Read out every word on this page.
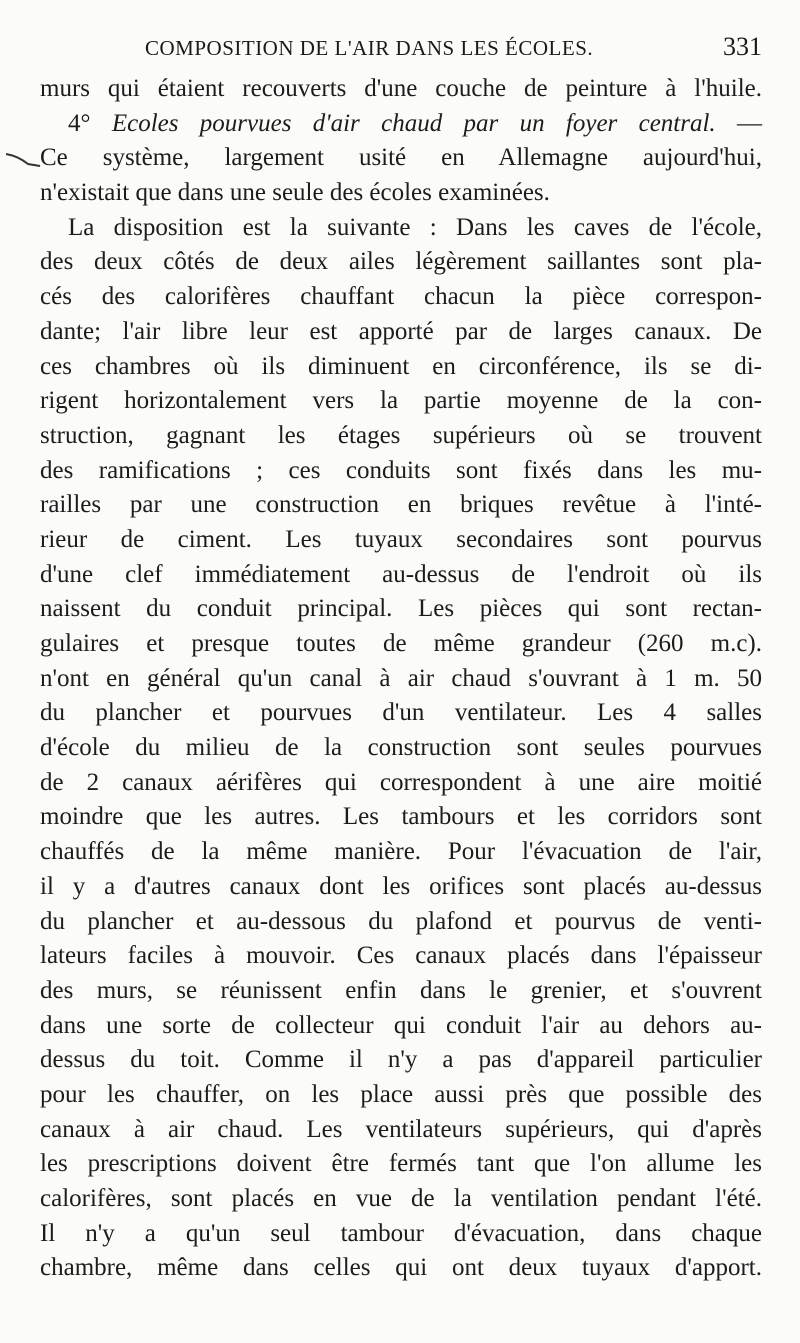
COMPOSITION DE L'AIR DANS LES ÉCOLES.	331
murs qui étaient recouverts d'une couche de peinture à l'huile.
4° Ecoles pourvues d'air chaud par un foyer central. —
Ce système, largement usité en Allemagne aujourd'hui,
n'existait que dans une seule des écoles examinées.
La disposition est la suivante : Dans les caves de l'école,
des deux côtés de deux ailes légèrement saillantes sont pla-
cés des calorifères chauffant chacun la pièce correspon-
dante; l'air libre leur est apporté par de larges canaux. De
ces chambres où ils diminuent en circonférence, ils se di-
rigent horizontalement vers la partie moyenne de la con-
struction, gagnant les étages supérieurs où se trouvent
des ramifications ; ces conduits sont fixés dans les mu-
railles par une construction en briques revêtue à l'inté-
rieur de ciment. Les tuyaux secondaires sont pourvus
d'une clef immédiatement au-dessus de l'endroit où ils
naissent du conduit principal. Les pièces qui sont rectan-
gulaires et presque toutes de même grandeur (260 m.c).
n'ont en général qu'un canal à air chaud s'ouvrant à 1 m. 50
du plancher et pourvues d'un ventilateur. Les 4 salles
d'école du milieu de la construction sont seules pourvues
de 2 canaux aérifères qui correspondent à une aire moitié
moindre que les autres. Les tambours et les corridors sont
chauffés de la même manière. Pour l'évacuation de l'air,
il y a d'autres canaux dont les orifices sont placés au-dessus
du plancher et au-dessous du plafond et pourvus de venti-
lateurs faciles à mouvoir. Ces canaux placés dans l'épaisseur
des murs, se réunissent enfin dans le grenier, et s'ouvrent
dans une sorte de collecteur qui conduit l'air au dehors au-
dessus du toit. Comme il n'y a pas d'appareil particulier
pour les chauffer, on les place aussi près que possible des
canaux à air chaud. Les ventilateurs supérieurs, qui d'après
les prescriptions doivent être fermés tant que l'on allume les
calorifères, sont placés en vue de la ventilation pendant l'été.
Il n'y a qu'un seul tambour d'évacuation, dans chaque
chambre, même dans celles qui ont deux tuyaux d'apport.
